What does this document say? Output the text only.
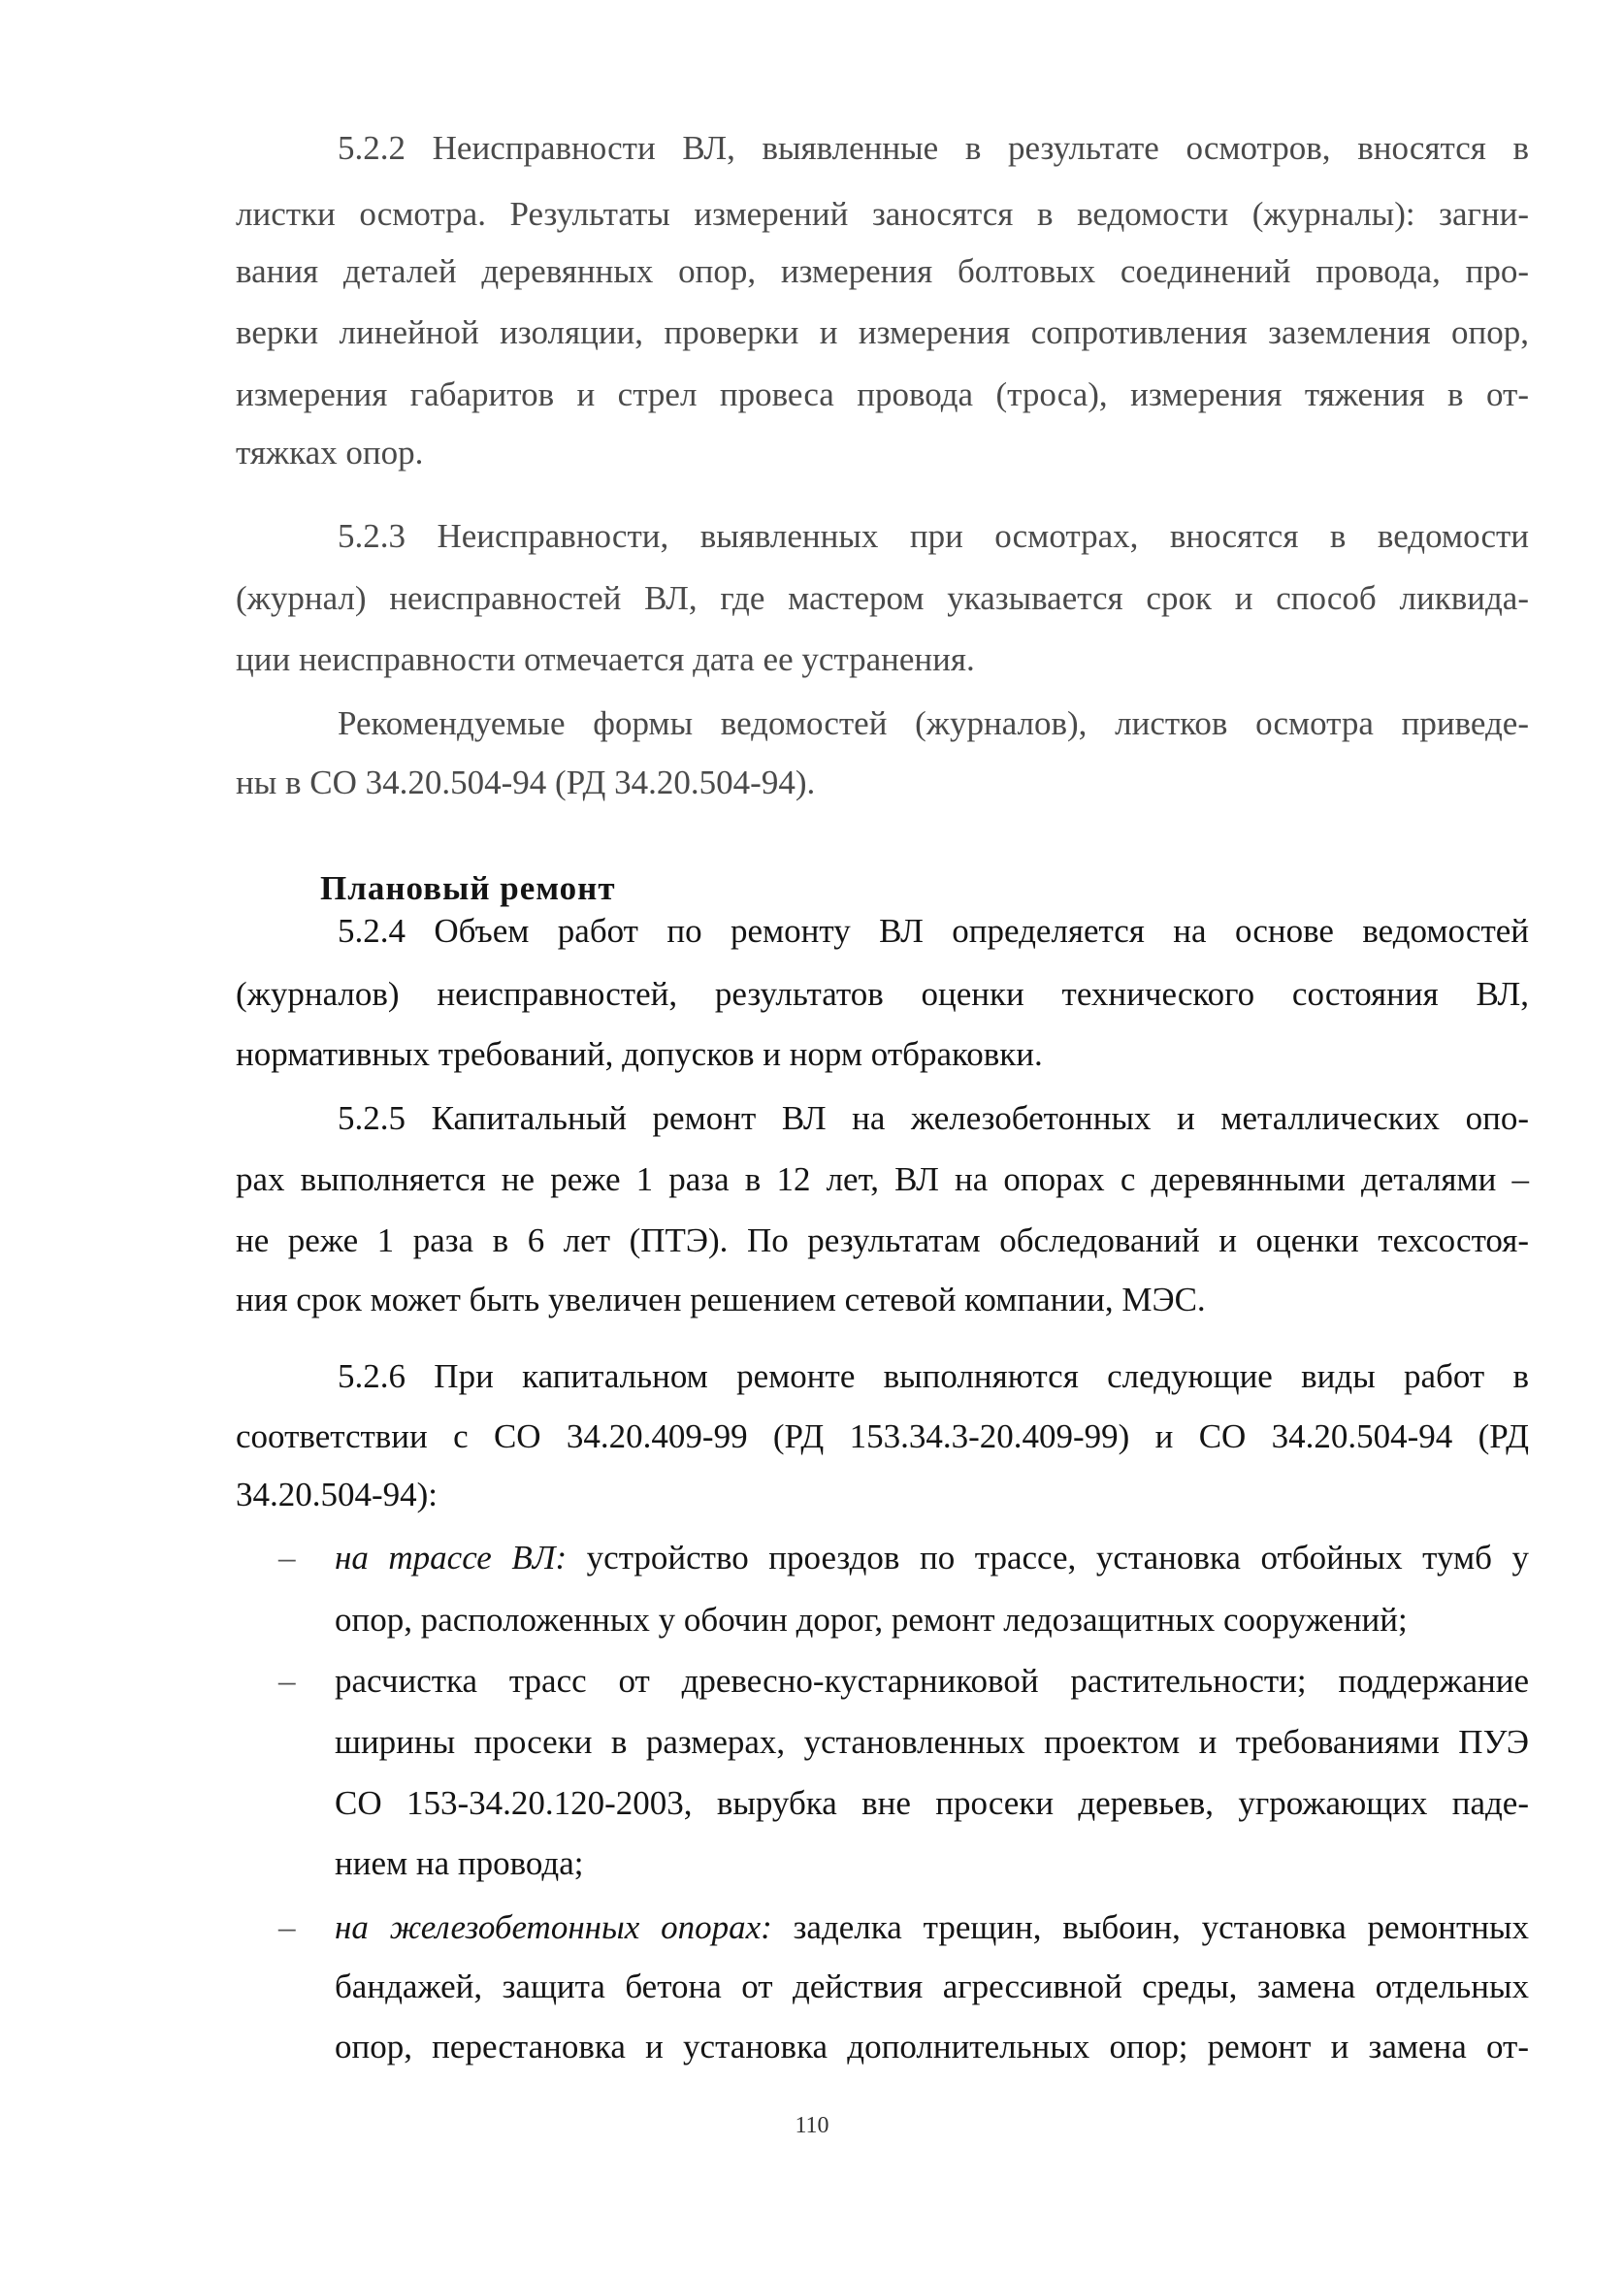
5.2.2 Неисправности ВЛ, выявленные в результате осмотров, вносятся в
листки осмотра. Результаты измерений заносятся в ведомости (журналы): загни-
вания деталей деревянных опор, измерения болтовых соединений провода, про-
верки линейной изоляции, проверки и измерения сопротивления заземления опор,
измерения габаритов и стрел провеса провода (троса), измерения тяжения в от-
тяжках опор.
5.2.3 Неисправности, выявленных при осмотрах, вносятся в ведомости
(журнал) неисправностей ВЛ, где мастером указывается срок и способ ликвида-
ции неисправности отмечается дата ее устранения.
Рекомендуемые формы ведомостей (журналов), листков осмотра приведе-
ны в СО 34.20.504-94 (РД 34.20.504-94).
Плановый ремонт
5.2.4 Объем работ по ремонту ВЛ определяется на основе ведомостей
(журналов) неисправностей, результатов оценки технического состояния ВЛ,
нормативных требований, допусков и норм отбраковки.
5.2.5 Капитальный ремонт ВЛ на железобетонных и металлических опо-
рах выполняется не реже 1 раза в 12 лет, ВЛ на опорах с деревянными деталями –
не реже 1 раза в 6 лет (ПТЭ). По результатам обследований и оценки техсостоя-
ния срок может быть увеличен решением сетевой компании, МЭС.
5.2.6 При капитальном ремонте выполняются следующие виды работ в
соответствии с СО 34.20.409-99 (РД 153.34.3-20.409-99) и СО 34.20.504-94 (РД
34.20.504-94):
– на трассе ВЛ: устройство проездов по трассе, установка отбойных тумб у
опор, расположенных у обочин дорог, ремонт ледозащитных сооружений;
– расчистка трасс от древесно-кустарниковой растительности; поддержание
ширины просеки в размерах, установленных проектом и требованиями ПУЭ
СО 153-34.20.120-2003, вырубка вне просеки деревьев, угрожающих паде-
нием на провода;
– на железобетонных опорах: заделка трещин, выбоин, установка ремонтных
бандажей, защита бетона от действия агрессивной среды, замена отдельных
опор, перестановка и установка дополнительных опор; ремонт и замена от-
110
